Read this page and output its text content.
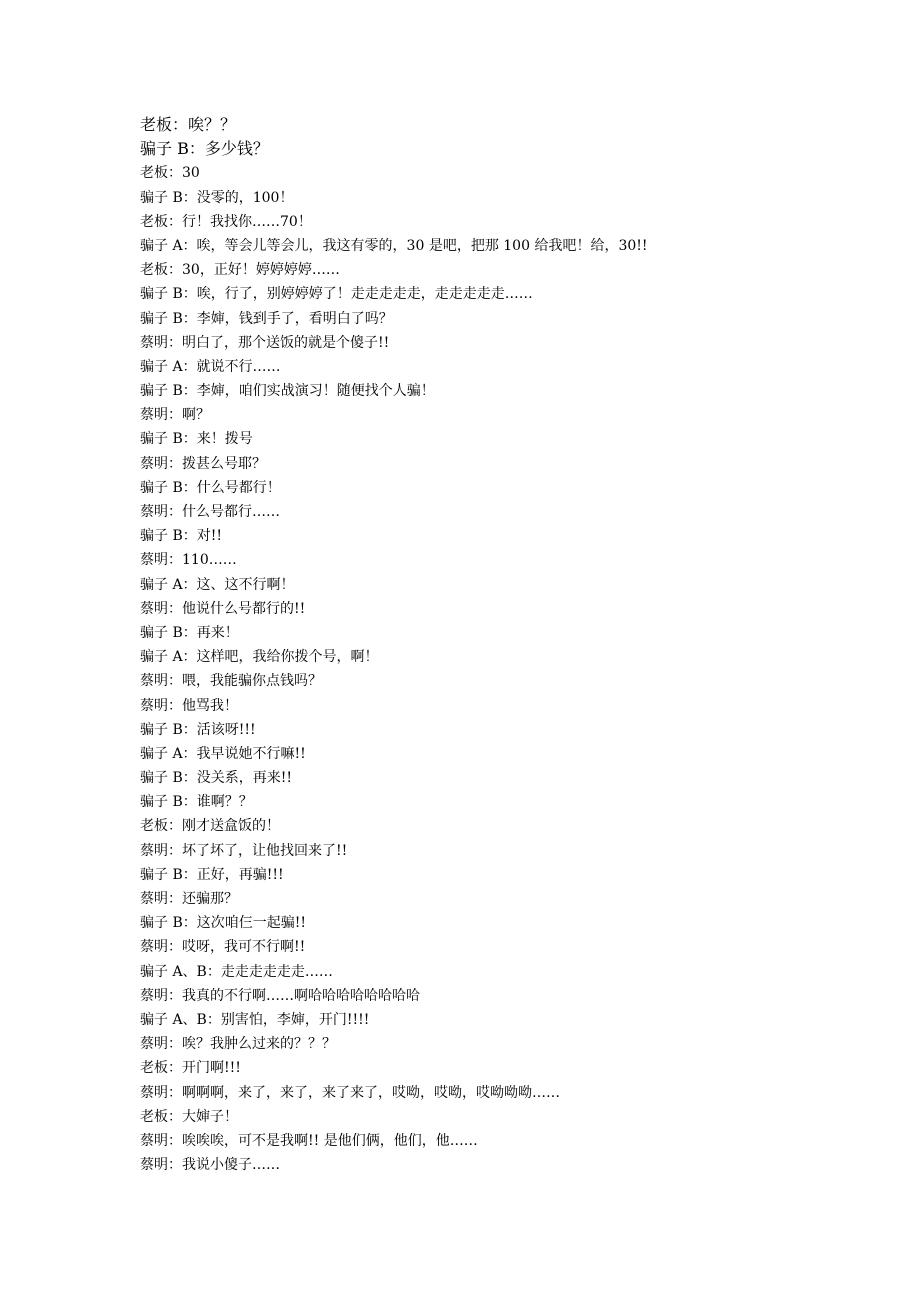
老板：唉？？
骗子 B：多少钱？
老板：30
骗子 B：没零的，100！
老板：行！我找你……70！
骗子 A：唉，等会儿等会儿，我这有零的，30 是吧，把那 100 给我吧！给，30!!
老板：30，正好！婷婷婷婷……
骗子 B：唉，行了，别婷婷婷了！走走走走走，走走走走走……
骗子 B：李婶，钱到手了，看明白了吗？
蔡明：明白了，那个送饭的就是个傻子!!
骗子 A：就说不行……
骗子 B：李婶，咱们实战演习！随便找个人骗！
蔡明：啊？
骗子 B：来！拨号
蔡明：拨甚么号耶？
骗子 B：什么号都行！
蔡明：什么号都行……
骗子 B：对!!
蔡明：110……
骗子 A：这、这不行啊！
蔡明：他说什么号都行的!!
骗子 B：再来！
骗子 A：这样吧，我给你拨个号，啊！
蔡明：喂，我能骗你点钱吗？
蔡明：他骂我！
骗子 B：活该呀!!!
骗子 A：我早说她不行嘛!!
骗子 B：没关系，再来!!
骗子 B：谁啊？？
老板：刚才送盒饭的！
蔡明：坏了坏了，让他找回来了!!
骗子 B：正好，再骗!!!
蔡明：还骗那？
骗子 B：这次咱仨一起骗!!
蔡明：哎呀，我可不行啊!!
骗子 A、B：走走走走走走……
蔡明：我真的不行啊……啊哈哈哈哈哈哈哈哈
骗子 A、B：别害怕，李婶，开门!!!!
蔡明：唉？我肿么过来的？？？
老板：开门啊!!!
蔡明：啊啊啊，来了，来了，来了来了，哎呦，哎呦，哎呦呦呦……
老板：大婶子！
蔡明：唉唉唉，可不是我啊!! 是他们俩，他们，他……
蔡明：我说小傻子……
